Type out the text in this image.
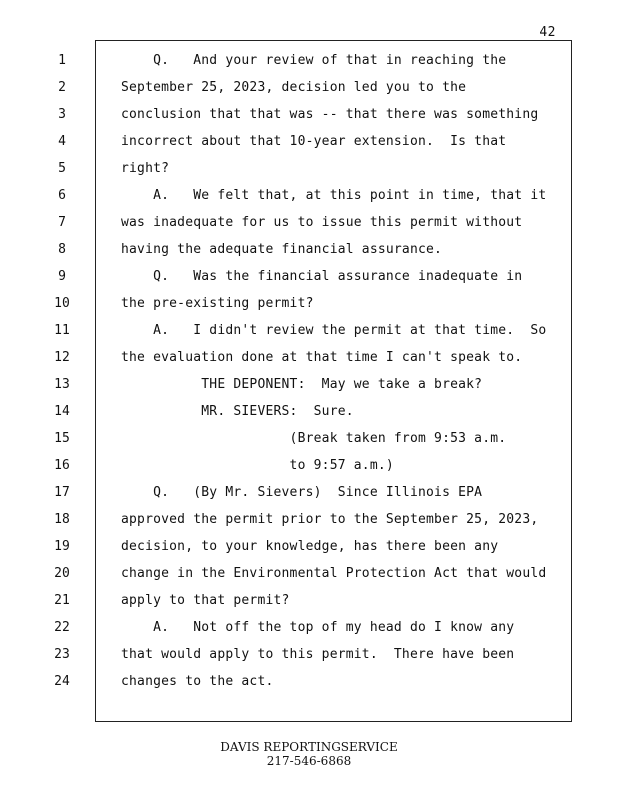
42
1	Q.   And your review of that in reaching the
2	September 25, 2023, decision led you to the
3	conclusion that that was -- that there was something
4	incorrect about that 10-year extension.  Is that
5	right?
6	A.   We felt that, at this point in time, that it
7	was inadequate for us to issue this permit without
8	having the adequate financial assurance.
9	Q.   Was the financial assurance inadequate in
10	the pre-existing permit?
11	A.   I didn't review the permit at that time.  So
12	the evaluation done at that time I can't speak to.
13	THE DEPONENT:  May we take a break?
14	MR. SIEVERS:  Sure.
15	(Break taken from 9:53 a.m.
16	to 9:57 a.m.)
17	Q.   (By Mr. Sievers)  Since Illinois EPA
18	approved the permit prior to the September 25, 2023,
19	decision, to your knowledge, has there been any
20	change in the Environmental Protection Act that would
21	apply to that permit?
22	A.   Not off the top of my head do I know any
23	that would apply to this permit.  There have been
24	changes to the act.
DAVIS REPORTINGSERVICE
217-546-6868
